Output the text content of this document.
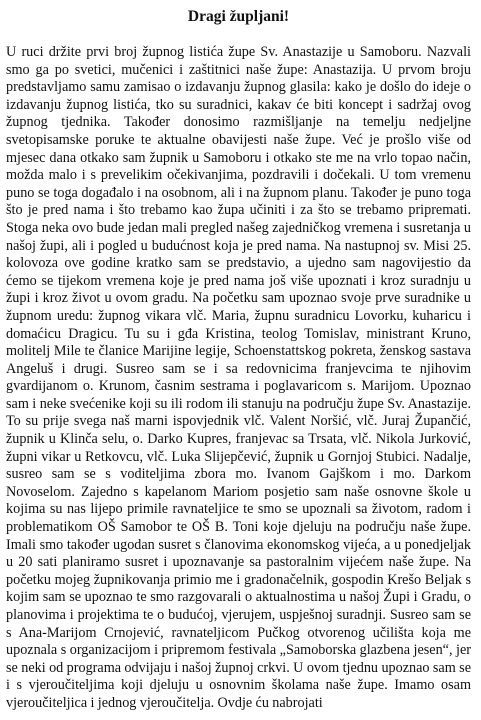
Dragi župljani!

U ruci držite prvi broj župnog listića župe Sv. Anastazije u Samoboru. Nazvali smo ga po svetici, mučenici i zaštitnici naše župe: Anastazija. U prvom broju predstavljamo samu zamisao o izdavanju župnog glasila: kako je došlo do ideje o izdavanju župnog listića, tko su suradnici, kakav će biti koncept i sadržaj ovog župnog tjednika. Također donosimo razmišljanje na temelju nedjeljne svetopisamske poruke te aktualne obavijesti naše župe. Već je prošlo više od mjesec dana otkako sam župnik u Samoboru i otkako ste me na vrlo topao način, možda malo i s prevelikim očekivanjima, pozdravili i dočekali. U tom vremenu puno se toga događalo i na osobnom, ali i na župnom planu. Također je puno toga što je pred nama i što trebamo kao župa učiniti i za što se trebamo pripremati. Stoga neka ovo bude jedan mali pregled našeg zajedničkog vremena i susretanja u našoj župi, ali i pogled u budućnost koja je pred nama. Na nastupnoj sv. Misi 25. kolovoza ove godine kratko sam se predstavio, a ujedno sam nagovijestio da ćemo se tijekom vremena koje je pred nama još više upoznati i kroz suradnju u župi i kroz život u ovom gradu. Na početku sam upoznao svoje prve suradnike u župnom uredu: župnog vikara vlč. Maria, župnu suradnicu Lovorku, kuharicu i domaćicu Dragicu. Tu su i gđa Kristina, teolog Tomislav, ministrant Kruno, molitelj Mile te članice Marijine legije, Schoenstattskog pokreta, ženskog sastava Angeluš i drugi. Susreo sam se i sa redovnicima franjevcima te njihovim gvardijanom o. Krunom, časnim sestrama i poglavaricom s. Marijom. Upoznao sam i neke svećenike koji su ili rodom ili stanuju na području župe Sv. Anastazije. To su prije svega naš marni ispovjednik vlč. Valent Noršić, vlč. Juraj Župančić, župnik u Klinča selu, o. Darko Kupres, franjevac sa Trsata, vlč. Nikola Jurković, župni vikar u Retkovcu, vlč. Luka Slijepčević, župnik u Gornjoj Stubici. Nadalje, susreo sam se s voditeljima zbora mo. Ivanom Gajškom i mo. Darkom Novoselom. Zajedno s kapelanom Mariom posjetio sam naše osnovne škole u kojima su nas lijepo primile ravnateljice te smo se upoznali sa životom, radom i problematikom OŠ Samobor te OŠ B. Toni koje djeluju na području naše župe. Imali smo također ugodan susret s članovima ekonomskog vijeća, a u ponedjeljak u 20 sati planiramo susret i upoznavanje sa pastoralnim vijećem naše župe. Na početku mojeg župnikovanja primio me i gradonačelnik, gospodin Krešo Beljak s kojim sam se upoznao te smo razgovarali o aktualnostima u našoj Župi i Gradu, o planovima i projektima te o budućoj, vjerujem, uspješnoj suradnji. Susreo sam se s Ana-Marijom Crnojević, ravnateljicom Pučkog otvorenog učilišta koja me upoznala s organizacijom i pripremom festivala „Samoborska glazbena jesen“, jer se neki od programa odvijaju i našoj župnoj crkvi. U ovom tjednu upoznao sam se i s vjeroučiteljima koji djeluju u osnovnim školama naše župe. Imamo osam vjeroučiteljica i jednog vjeroučitelja. Ovdje ću nabrojati
